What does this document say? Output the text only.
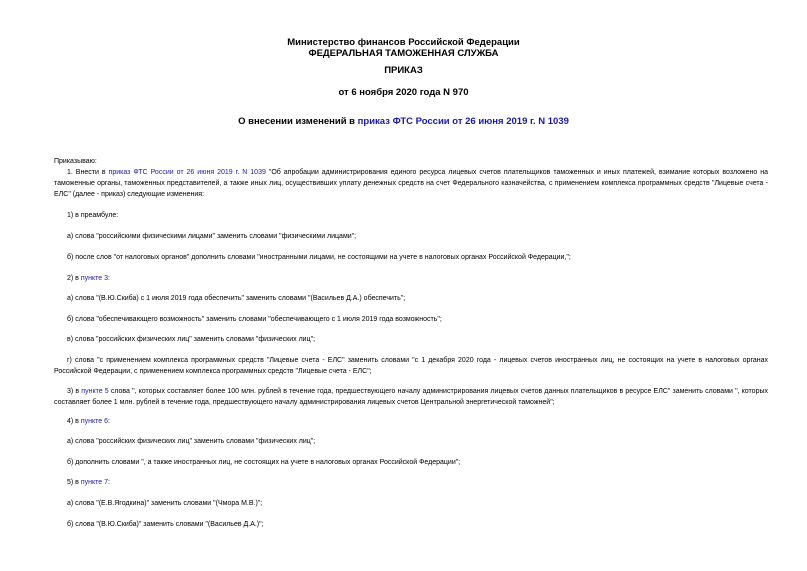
Министерство финансов Российской Федерации
ФЕДЕРАЛЬНАЯ ТАМОЖЕННАЯ СЛУЖБА
ПРИКАЗ
от 6 ноября 2020 года N 970
О внесении изменений в приказ ФТС России от 26 июня 2019 г. N 1039
Приказываю:
1. Внести в приказ ФТС России от 26 июня 2019 г. N 1039 "Об апробации администрирования единого ресурса лицевых счетов плательщиков таможенных и иных платежей, взимание которых возложено на таможенные органы, таможенных представителей, а также иных лиц, осуществивших уплату денежных средств на счет Федерального казначейства, с применением комплекса программных средств "Лицевые счета - ЕЛС" (далее - приказ) следующие изменения:
1) в преамбуле:
а) слова "российскими физическими лицами" заменить словами "физическими лицами";
б) после слов "от налоговых органов" дополнить словами "иностранными лицами, не состоящими на учете в налоговых органах Российской Федерации,";
2) в пункте 3:
а) слова "(В.Ю.Скиба) с 1 июля 2019 года обеспечить" заменить словами "(Васильев Д.А.) обеспечить";
б) слова "обеспечивающего возможность" заменить словами "обеспечивающего с 1 июля 2019 года возможность";
в) слова "российских физических лиц" заменить словами "физических лиц";
г) слова "с применением комплекса программных средств "Лицевые счета - ЕЛС" заменить словами "с 1 декабря 2020 года - лицевых счетов иностранных лиц, не состоящих на учете в налоговых органах Российской Федерации, с применением комплекса программных средств "Лицевые счета - ЕЛС";
3) в пункте 5 слова ", которых составляет более 100 млн. рублей в течение года, предшествующего началу администрирования лицевых счетов данных плательщиков в ресурсе ЕЛС" заменить словами ", которых составляет более 1 млн. рублей в течение года, предшествующего началу администрирования лицевых счетов Центральной энергетической таможней";
4) в пункте 6:
а) слова "российских физических лиц" заменить словами "физических лиц";
б) дополнить словами ", а также иностранных лиц, не состоящих на учете в налоговых органах Российской Федерации";
5) в пункте 7:
а) слова "(Е.В.Ягодкина)" заменить словами "(Чмора М.В.)";
б) слова "(В.Ю.Скиба)" заменить словами "(Васильев Д.А.)";
